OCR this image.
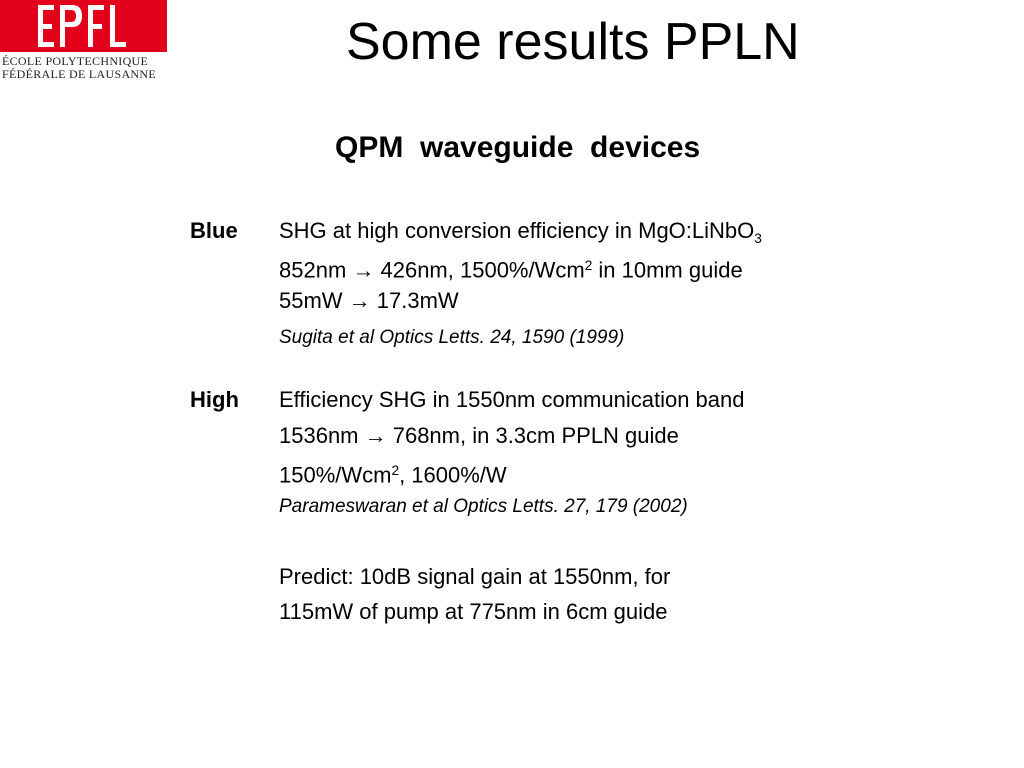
ÉCOLE POLYTECHNIQUE
FÉDÉRALE DE LAUSANNE
Some results PPLN
QPM  waveguide  devices
Blue SHG at high conversion efficiency in MgO:LiNbO$_3$
852nm → 426nm, 1500%/Wcm$^2$ in 10mm guide
55mW → 17.3mW
Sugita et al Optics Letts. 24, 1590 (1999)
High Efficiency SHG in 1550nm communication band
1536nm → 768nm, in 3.3cm PPLN guide
150%/Wcm$^2$, 1600%/W
Parameswaran et al Optics Letts. 27, 179 (2002)
Predict: 10dB signal gain at 1550nm, for
115mW of pump at 775nm in 6cm guide
